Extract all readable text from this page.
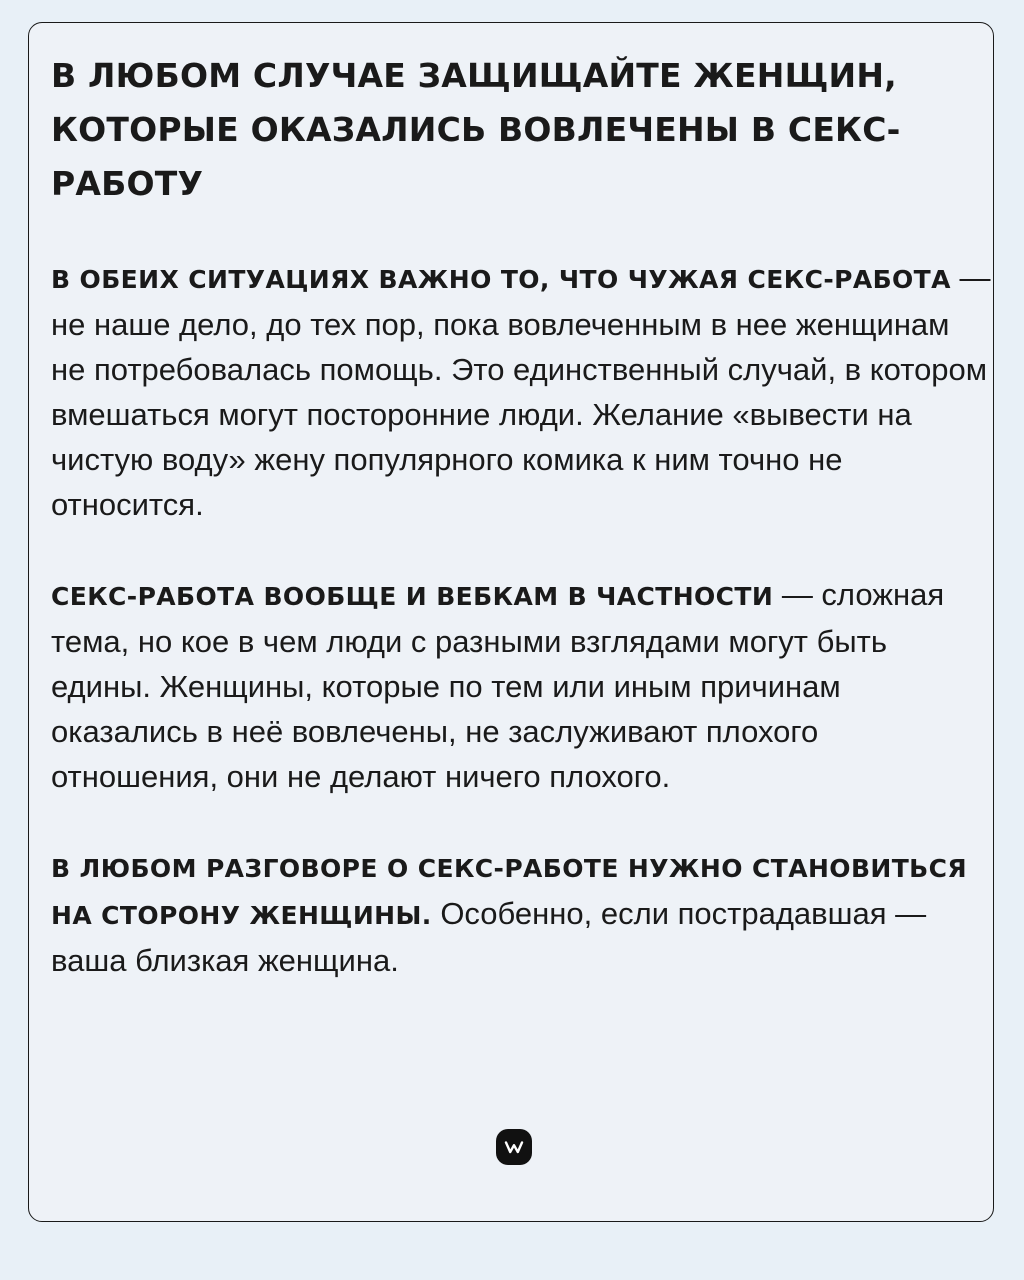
В ЛЮБОМ СЛУЧАЕ ЗАЩИЩАЙТЕ ЖЕНЩИН, КОТОРЫЕ ОКАЗАЛИСЬ ВОВЛЕЧЕНЫ В СЕКС-РАБОТУ

В ОБЕИХ СИТУАЦИЯХ ВАЖНО ТО, ЧТО ЧУЖАЯ СЕКС-РАБОТА — не наше дело, до тех пор, пока вовлеченным в нее женщинам не потребовалась помощь. Это единственный случай, в котором вмешаться могут посторонние люди. Желание «вывести на чистую воду» жену популярного комика к ним точно не относится.

СЕКС-РАБОТА ВООБЩЕ И ВЕБКАМ В ЧАСТНОСТИ — сложная тема, но кое в чем люди с разными взглядами могут быть едины. Женщины, которые по тем или иным причинам оказались в неё вовлечены, не заслуживают плохого отношения, они не делают ничего плохого.

В ЛЮБОМ РАЗГОВОРЕ О СЕКС-РАБОТЕ НУЖНО СТАНОВИТЬСЯ НА СТОРОНУ ЖЕНЩИНЫ. Особенно, если пострадавшая — ваша близкая женщина.
